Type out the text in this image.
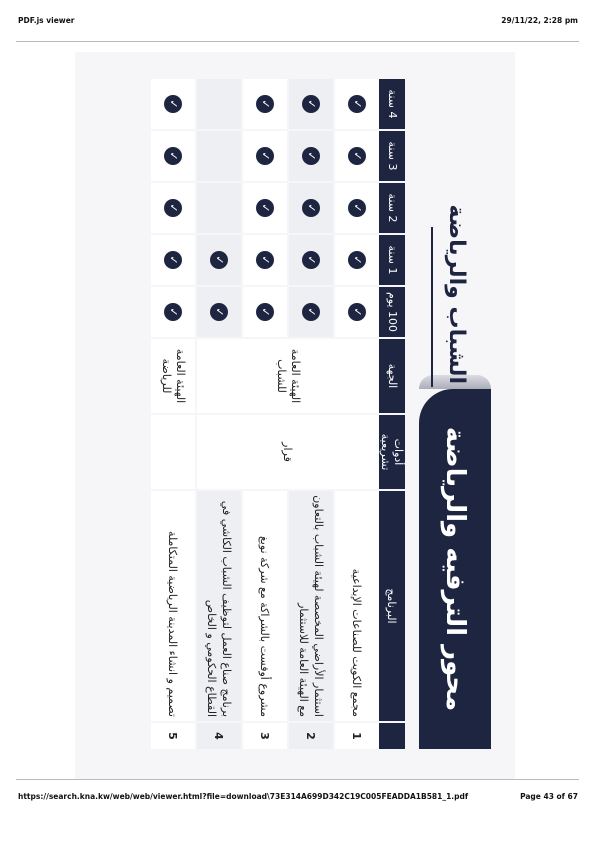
PDF.js viewer	29/11/22, 2:28 pm
محور الترفيه والرياضة
الشباب والرياضة
	البرنامج	أدوات تشريعية	الجهة	100 يوم	1 سنة	2 سنة	3 سنة	4 سنة
1	مجمع الكويت للصناعات الإبداعية	قرار	الهيئة العامة للشباب	✓	✓	✓	✓	✓
2	استثمار الأراضي المخصصة لهيئة الشباب بالتعاون مع الهيئة العامة للاستثمار			✓	✓	✓	✓	✓
3	مشروع أوفست بالشراكة مع شركة نوبغ			✓	✓	✓	✓	✓
4	برنامج صناع العمل لتوظيف الشباب الكاشي في القطاع الحكومي و الخاص			✓	✓			
5	تصميم و انشاء المدينة الرياضية المتكاملة		الهيئة العامة للرياضة	✓	✓	✓	✓	✓
https://search.kna.kw/web/web/viewer.html?file=download\73E314A699D342C19C005FEADDA1B581_1.pdf	Page 43 of 67
